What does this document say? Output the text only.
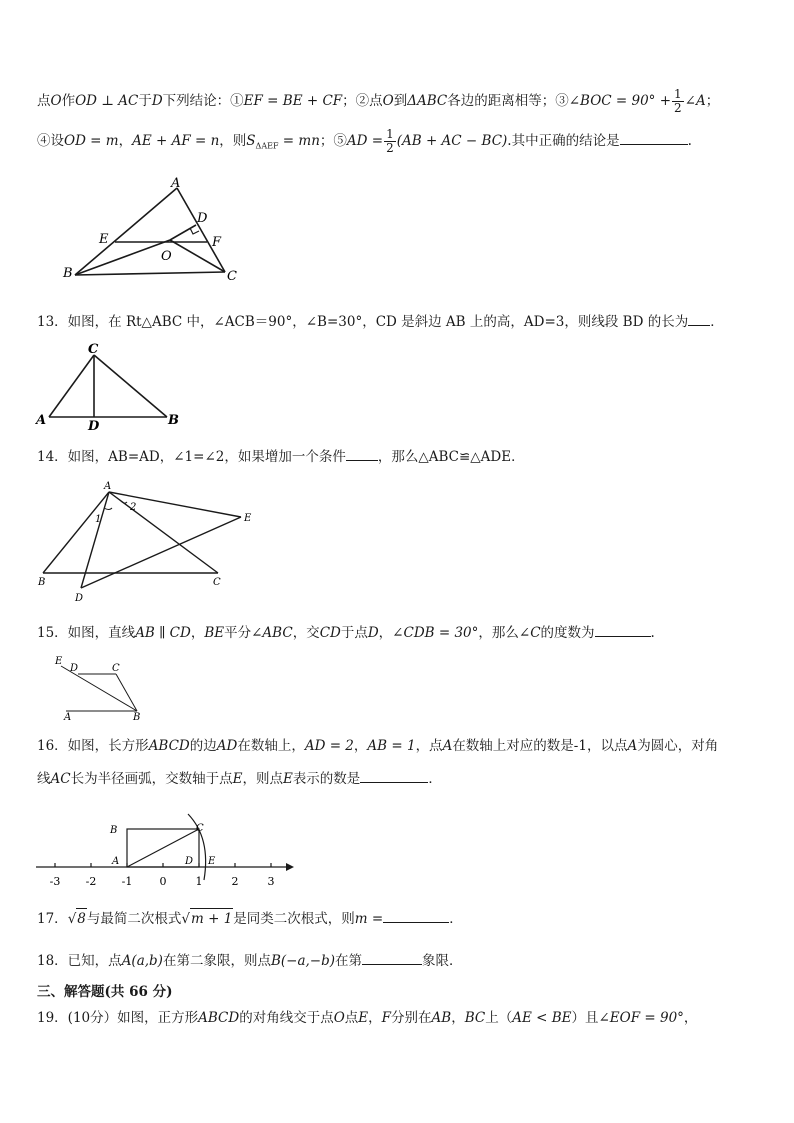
点O作OD ⊥ AC于D下列结论：①EF = BE + CF；②点O到ΔABC各边的距离相等；③∠BOC = $90^\circ + \frac{1}{2}$ ∠A；
④设OD = m，AE + AF = n，则$S_{\Delta AEF}$ = mn；⑤AD = $\frac{1}{2} (AB$ + AC − BC).其中正确的结论是	.
A
B	C
D
E	F
O
13．如图，在 Rt△ABC 中，∠ACB＝90°，∠B=30°，CD 是斜边 AB 上的高，AD=3，则线段 BD 的长为 ．
C
A	B
D
14．如图，AB=AD，∠1=∠2，如果增加一个条件 ，那么△ABC≌△ADE．
A
B	C
D
E
1
2
15．如图，直线AB ∥ CD，BE平分∠ABC，交CD于点D，∠CDB = 30°，那么∠C的度数为	.
E
D	C
A	B
16．如图，长方形ABCD的边AD在数轴上，AD = 2，AB = 1，点A在数轴上对应的数是-1，以点A为圆心，对角
线AC长为半径画弧，交数轴于点E，则点E表示的数是	．
-3 -2 -1 0	1	2	3
B
A
C
D E
17．√8与最简二次根式√m + 1是同类二次根式，则m =	．
18．已知，点A(a,b)在第二象限，则点B(−a,−b)在第	象限．
三、解答题(共 66 分)
19．(10分）如图，正方形ABCD的对角线交于点O点E，F分别在AB，BC上（AE < BE）且∠EOF = 90°，
